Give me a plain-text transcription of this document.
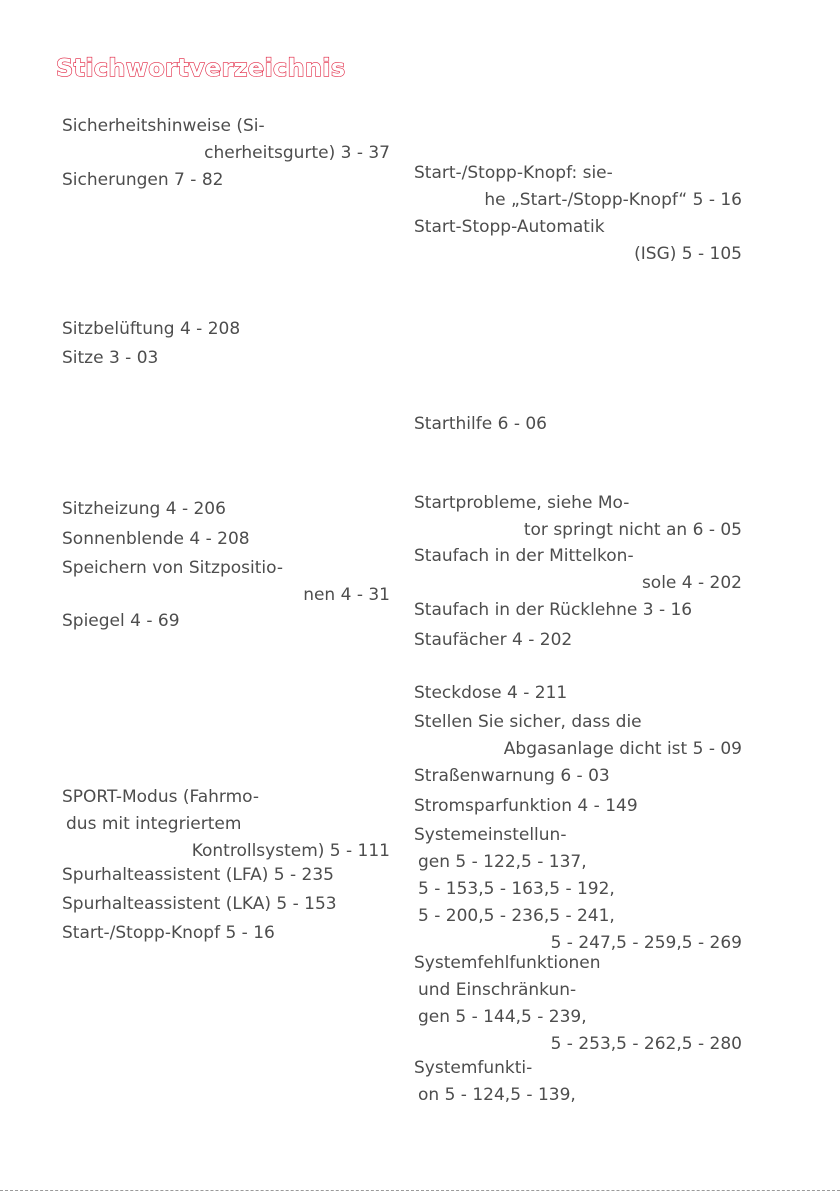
Stichwortverzeichnis
Sicherheitshinweise (Si-
cherheitsgurte) 3 - 37
Sicherungen 7 - 82
Sitzbelüftung 4 - 208
Sitze 3 - 03
Sitzheizung 4 - 206
Sonnenblende 4 - 208
Speichern von Sitzpositio-
nen 4 - 31
Spiegel 4 - 69
SPORT-Modus (Fahrmo-
dus mit integriertem
Kontrollsystem) 5 - 111
Spurhalteassistent (LFA) 5 - 235
Spurhalteassistent (LKA) 5 - 153
Start-/Stopp-Knopf 5 - 16
Start-/Stopp-Knopf: sie-
he „Start-/Stopp-Knopf“ 5 - 16
Start-Stopp-Automatik
(ISG) 5 - 105
Starthilfe 6 - 06
Startprobleme, siehe Mo-
tor springt nicht an 6 - 05
Staufach in der Mittelkon-
sole 4 - 202
Staufach in der Rücklehne 3 - 16
Staufächer 4 - 202
Steckdose 4 - 211
Stellen Sie sicher, dass die
Abgasanlage dicht ist 5 - 09
Straßenwarnung 6 - 03
Stromsparfunktion 4 - 149
Systemeinstellun-
gen 5 - 122,5 - 137,
5 - 153,5 - 163,5 - 192,
5 - 200,5 - 236,5 - 241,
5 - 247,5 - 259,5 - 269
Systemfehlfunktionen
und Einschränkun-
gen 5 - 144,5 - 239,
5 - 253,5 - 262,5 - 280
Systemfunkti-
on 5 - 124,5 - 139,
